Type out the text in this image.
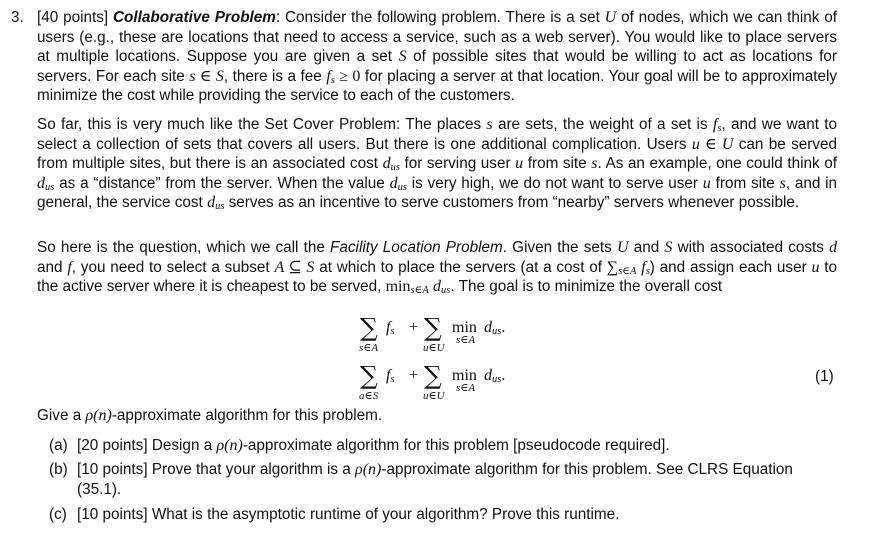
3. [40 points] Collaborative Problem: Consider the following problem. There is a set U of nodes, which we can think of users (e.g., these are locations that need to access a service, such as a web server). You would like to place servers at multiple locations. Suppose you are given a set S of possible sites that would be willing to act as locations for servers. For each site s ∈ S, there is a fee $f_s \ge 0$ for placing a server at that location. Your goal will be to approximately minimize the cost while providing the service to each of the customers.
So far, this is very much like the Set Cover Problem: The places s are sets, the weight of a set is $f_s$, and we want to select a collection of sets that covers all users. But there is one additional complication. Users u ∈ U can be served from multiple sites, but there is an associated cost $d_{us}$ for serving user u from site s. As an example, one could think of $d_{us}$ as a “distance” from the server. When the value $d_{us}$ is very high, we do not want to serve user u from site s, and in general, the service cost $d_{us}$ serves as an incentive to serve customers from “nearby” servers whenever possible.
So here is the question, which we call the Facility Location Problem. Given the sets U and S with associated costs d and f, you need to select a subset A ⊆ S at which to place the servers (at a cost of $\sum_{s\in A}$ $f_s$) and assign each user u to the active server where it is cheapest to be served, $\min_{s\in A} d_{us}$. The goal is to minimize the overall cost
∑
s∈A
$f_s$ + ∑
u∈U
min
s∈A
$d_{us}$.
∑
a∈S
$f_s$ + ∑
u∈U
min
s∈A
$d_{us}$.	(1)
Give a ρ(n)-approximate algorithm for this problem.
(a) [20 points] Design a ρ(n)-approximate algorithm for this problem [pseudocode required].
(b) [10 points] Prove that your algorithm is a ρ(n)-approximate algorithm for this problem. See CLRS Equation (35.1).
(c) [10 points] What is the asymptotic runtime of your algorithm? Prove this runtime.
